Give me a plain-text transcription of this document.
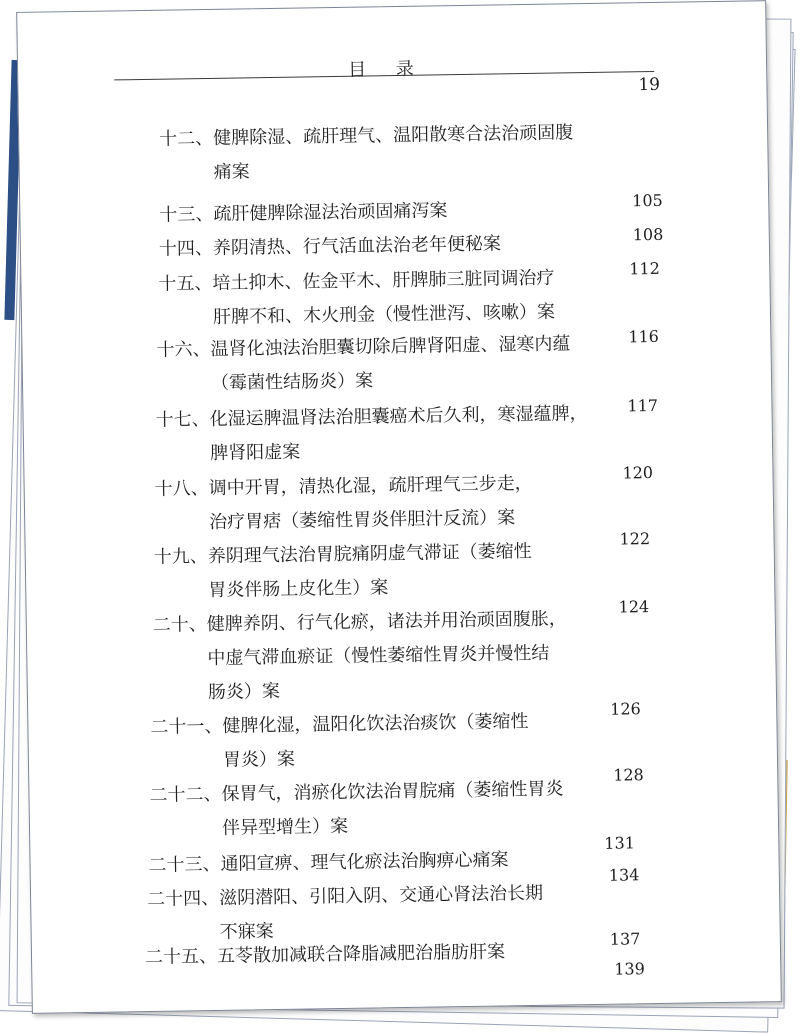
目 录
19
十二、健脾除湿、疏肝理气、温阳散寒合法治顽固腹
痛案
十三、疏肝健脾除湿法治顽固痛泻案
十四、养阴清热、行气活血法治老年便秘案
十五、培土抑木、佐金平木、肝脾肺三脏同调治疗
肝脾不和、木火刑金（慢性泄泻、咳嗽）案
十六、温肾化浊法治胆囊切除后脾肾阳虚、湿寒内蕴
（霉菌性结肠炎）案
十七、化湿运脾温肾法治胆囊癌术后久利，寒湿蕴脾，
脾肾阳虚案
十八、调中开胃，清热化湿，疏肝理气三步走，
治疗胃痞（萎缩性胃炎伴胆汁反流）案
十九、养阴理气法治胃脘痛阴虚气滞证（萎缩性
胃炎伴肠上皮化生）案
二十、健脾养阴、行气化瘀，诸法并用治顽固腹胀，
中虚气滞血瘀证（慢性萎缩性胃炎并慢性结
肠炎）案
二十一、健脾化湿，温阳化饮法治痰饮（萎缩性
胃炎）案
二十二、保胃气，消瘀化饮法治胃脘痛（萎缩性胃炎
伴异型增生）案
二十三、通阳宣痹、理气化瘀法治胸痹心痛案
二十四、滋阴潜阳、引阳入阴、交通心肾法治长期
不寐案
二十五、五苓散加减联合降脂减肥治脂肪肝案
105
108
112
116
117
120
122
124
126
128
131
134
137
139
